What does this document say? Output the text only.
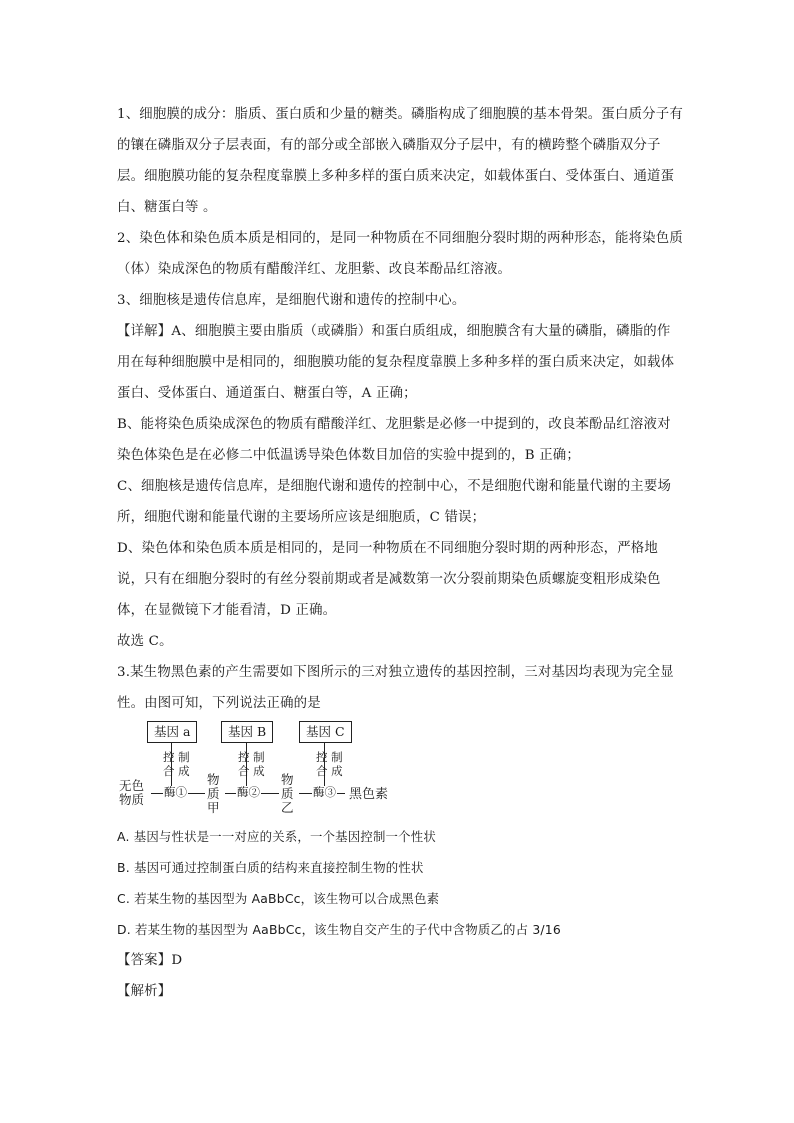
1、细胞膜的成分：脂质、蛋白质和少量的糖类。磷脂构成了细胞膜的基本骨架。蛋白质分子有的镶在磷脂双分子层表面，有的部分或全部嵌入磷脂双分子层中，有的横跨整个磷脂双分子层。细胞膜功能的复杂程度靠膜上多种多样的蛋白质来决定，如载体蛋白、受体蛋白、通道蛋白、糖蛋白等 。

2、染色体和染色质本质是相同的，是同一种物质在不同细胞分裂时期的两种形态，能将染色质（体）染成深色的物质有醋酸洋红、龙胆紫、改良苯酚品红溶液。

3、细胞核是遗传信息库，是细胞代谢和遗传的控制中心。

【详解】A、细胞膜主要由脂质（或磷脂）和蛋白质组成，细胞膜含有大量的磷脂，磷脂的作用在每种细胞膜中是相同的，细胞膜功能的复杂程度靠膜上多种多样的蛋白质来决定，如载体蛋白、受体蛋白、通道蛋白、糖蛋白等，A 正确；

B、能将染色质染成深色的物质有醋酸洋红、龙胆紫是必修一中提到的，改良苯酚品红溶液对染色体染色是在必修二中低温诱导染色体数目加倍的实验中提到的，B 正确；

C、细胞核是遗传信息库，是细胞代谢和遗传的控制中心，不是细胞代谢和能量代谢的主要场所，细胞代谢和能量代谢的主要场所应该是细胞质，C 错误；

D、染色体和染色质本质是相同的，是同一种物质在不同细胞分裂时期的两种形态，严格地说，只有在细胞分裂时的有丝分裂前期或者是减数第一次分裂前期染色质螺旋变粗形成染色体，在显微镜下才能看清，D 正确。

故选 C。

3.某生物黑色素的产生需要如下图所示的三对独立遗传的基因控制，三对基因均表现为完全显性。由图可知，下列说法正确的是

基因 a	基因 B	基因 C
控 制
合 成
控 制
合 成
控 制
合 成
无色物质	酶①
物质甲
酶②
物质乙
酶③ 黑色素

A. 基因与性状是一一对应的关系，一个基因控制一个性状

B. 基因可通过控制蛋白质的结构来直接控制生物的性状

C. 若某生物的基因型为 AaBbCc，该生物可以合成黑色素

D. 若某生物的基因型为 AaBbCc，该生物自交产生的子代中含物质乙的占 3/16

【答案】D

【解析】
